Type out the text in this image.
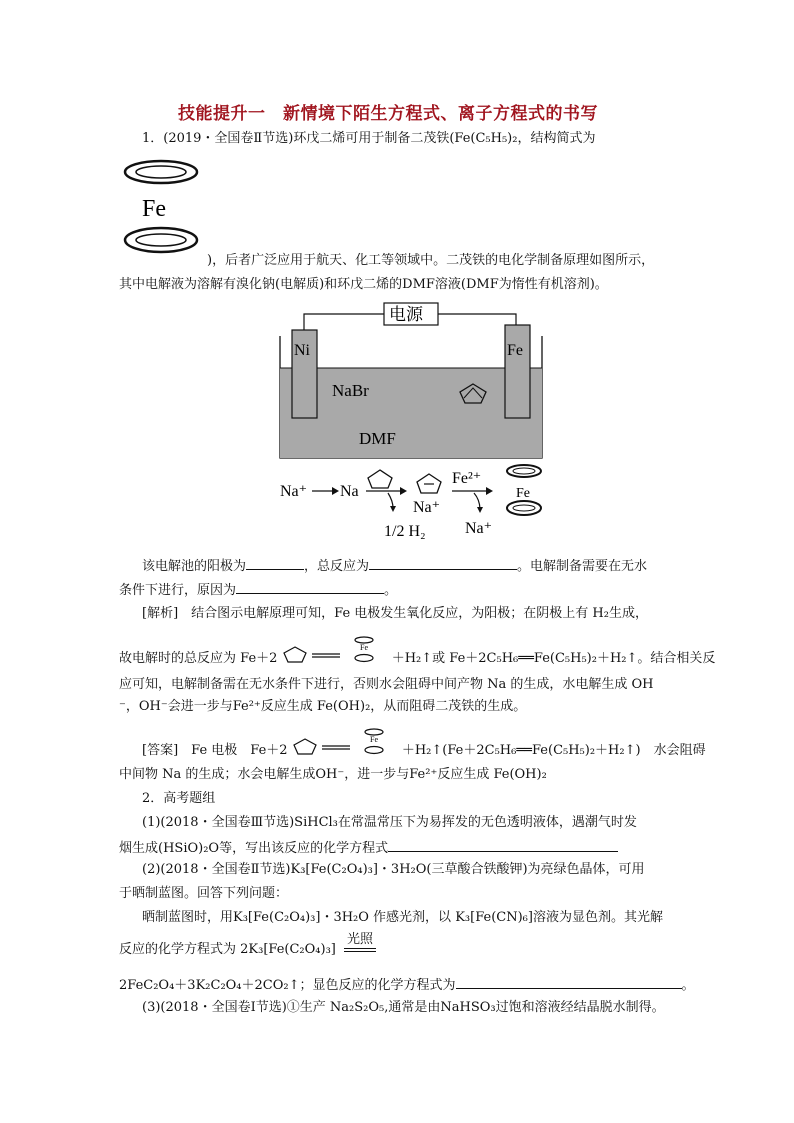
技能提升一　新情境下陌生方程式、离子方程式的书写
1．(2019・全国卷Ⅱ节选)环戊二烯可用于制备二茂铁(Fe(C₅H₅)₂，结构简式为
Fe
)，后者广泛应用于航天、化工等领域中。二茂铁的电化学制备原理如图所示，
其中电解液为溶解有溴化钠(电解质)和环戊二烯的DMF溶液(DMF为惰性有机溶剂)。
电源
Ni	Fe
NaBr
DMF
Na⁺ Na
1/2 H₂
Na⁺
Fe²⁺
Na⁺
Fe
该电解池的阳极为	，总反应为	。电解制备需要在无水
条件下进行，原因为	。
[解析]　结合图示电解原理可知，Fe 电极发生氧化反应，为阳极；在阴极上有 H₂生成，
故电解时的总反应为 Fe＋2
Fe
＋H₂↑或 Fe＋2C₅H₆══Fe(C₅H₅)₂＋H₂↑。结合相关反
应可知，电解制备需在无水条件下进行，否则水会阻碍中间产物 Na 的生成，水电解生成 OH
⁻，OH⁻会进一步与Fe²⁺反应生成 Fe(OH)₂，从而阻碍二茂铁的生成。
[答案]　Fe 电极　Fe＋2
Fe
＋H₂↑(Fe＋2C₅H₆══Fe(C₅H₅)₂＋H₂↑)　水会阻碍
中间物 Na 的生成；水会电解生成OH⁻，进一步与Fe²⁺反应生成 Fe(OH)₂
2．高考题组
(1)(2018・全国卷Ⅲ节选)SiHCl₃在常温常压下为易挥发的无色透明液体，遇潮气时发
烟生成(HSiO)₂O等，写出该反应的化学方程式
(2)(2018・全国卷Ⅱ节选)K₃[Fe(C₂O₄)₃]・3H₂O(三草酸合铁酸钾)为亮绿色晶体，可用
于晒制蓝图。回答下列问题：
晒制蓝图时，用K₃[Fe(C₂O₄)₃]・3H₂O 作感光剂，以 K₃[Fe(CN)₆]溶液为显色剂。其光解
反应的化学方程式为 2K₃[Fe(C₂O₄)₃]
光照
2FeC₂O₄＋3K₂C₂O₄＋2CO₂↑；显色反应的化学方程式为	。
(3)(2018・全国卷Ⅰ节选)①生产 Na₂S₂O₅,通常是由NaHSO₃过饱和溶液经结晶脱水制得。
